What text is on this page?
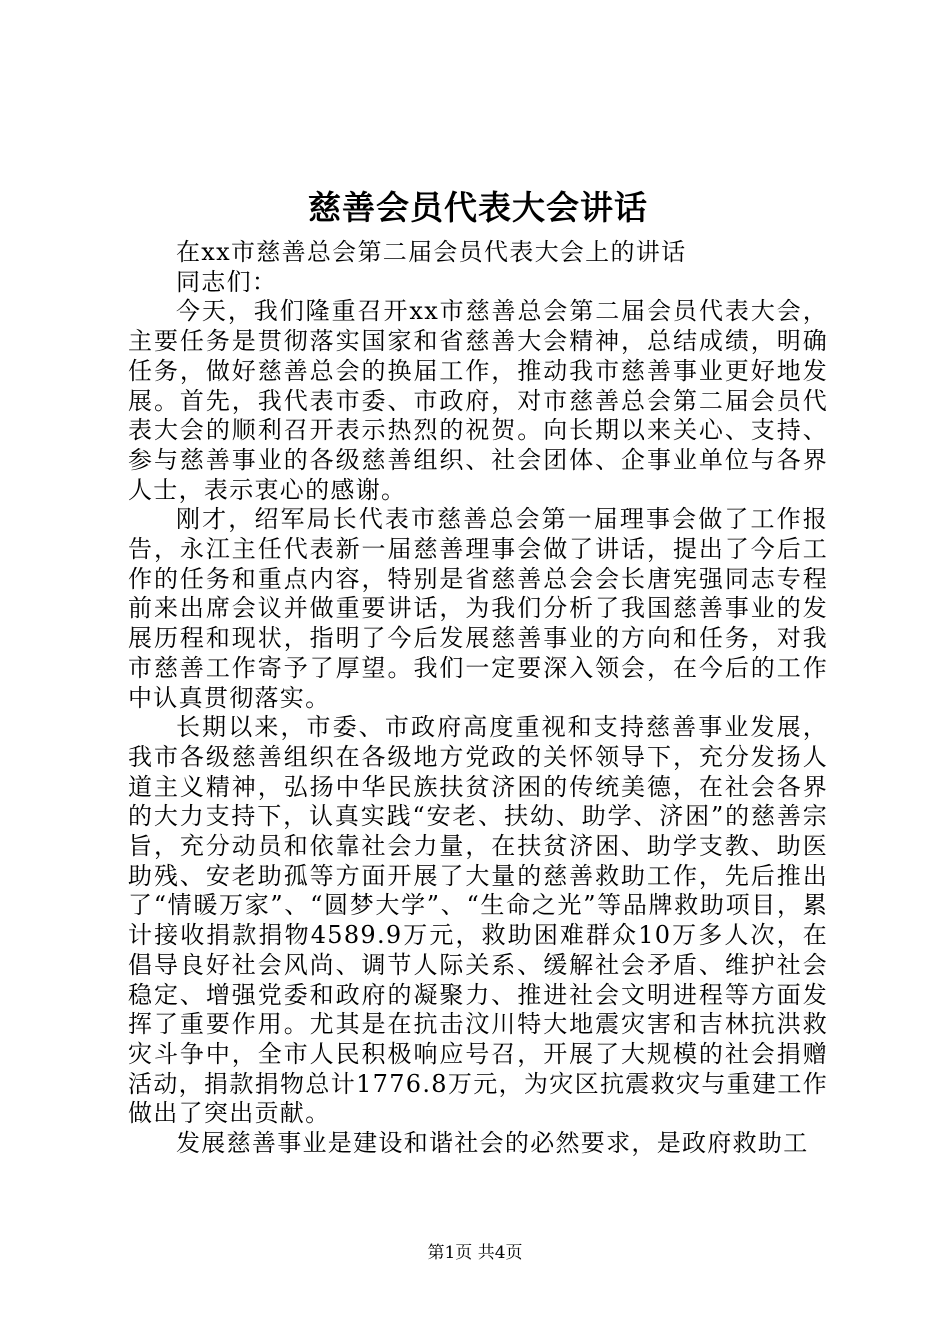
慈善会员代表大会讲话

在xx市慈善总会第二届会员代表大会上的讲话

同志们：

今天，我们隆重召开xx市慈善总会第二届会员代表大会，主要任务是贯彻落实国家和省慈善大会精神，总结成绩，明确任务，做好慈善总会的换届工作，推动我市慈善事业更好地发展。首先，我代表市委、市政府，对市慈善总会第二届会员代表大会的顺利召开表示热烈的祝贺。向长期以来关心、支持、参与慈善事业的各级慈善组织、社会团体、企事业单位与各界人士，表示衷心的感谢。

刚才，绍军局长代表市慈善总会第一届理事会做了工作报告，永江主任代表新一届慈善理事会做了讲话，提出了今后工作的任务和重点内容，特别是省慈善总会会长唐宪强同志专程前来出席会议并做重要讲话，为我们分析了我国慈善事业的发展历程和现状，指明了今后发展慈善事业的方向和任务，对我市慈善工作寄予了厚望。我们一定要深入领会，在今后的工作中认真贯彻落实。

长期以来，市委、市政府高度重视和支持慈善事业发展，我市各级慈善组织在各级地方党政的关怀领导下，充分发扬人道主义精神，弘扬中华民族扶贫济困的传统美德，在社会各界的大力支持下，认真实践“安老、扶幼、助学、济困”的慈善宗旨，充分动员和依靠社会力量，在扶贫济困、助学支教、助医助残、安老助孤等方面开展了大量的慈善救助工作，先后推出了“情暖万家”、“圆梦大学”、“生命之光”等品牌救助项目，累计接收捐款捐物4589.9万元，救助困难群众10万多人次，在倡导良好社会风尚、调节人际关系、缓解社会矛盾、维护社会稳定、增强党委和政府的凝聚力、推进社会文明进程等方面发挥了重要作用。尤其是在抗击汶川特大地震灾害和吉林抗洪救灾斗争中，全市人民积极响应号召，开展了大规模的社会捐赠活动，捐款捐物总计1776.8万元，为灾区抗震救灾与重建工作做出了突出贡献。

发展慈善事业是建设和谐社会的必然要求，是政府救助工

第1页 共4页
